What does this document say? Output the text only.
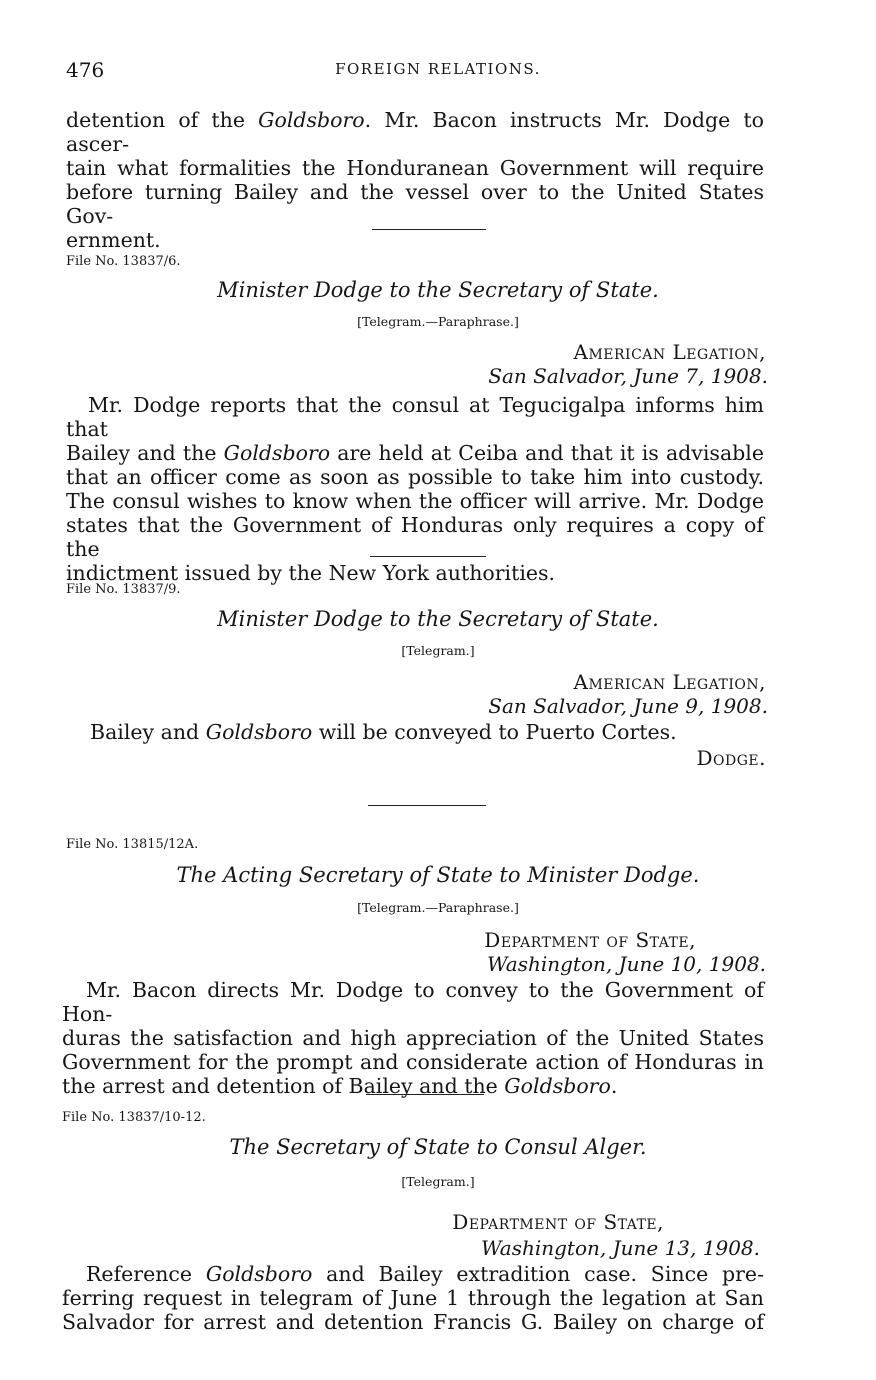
476	FOREIGN RELATIONS.

detention of the Goldsboro. Mr. Bacon instructs Mr. Dodge to ascer-

tain what formalities the Honduranean Government will require

before turning Bailey and the vessel over to the United States Gov-

ernment.

File No. 13837/6.
Minister Dodge to the Secretary of State.
[Telegram.—Paraphrase.]
American Legation,
San Salvador, June 7, 1908.

Mr. Dodge reports that the consul at Tegucigalpa informs him that

Bailey and the Goldsboro are held at Ceiba and that it is advisable

that an officer come as soon as possible to take him into custody.

The consul wishes to know when the officer will arrive. Mr. Dodge

states that the Government of Honduras only requires a copy of the

indictment issued by the New York authorities.

File No. 13837/9.
Minister Dodge to the Secretary of State.
[Telegram.]
American Legation,
San Salvador, June 9, 1908.
Bailey and Goldsboro will be conveyed to Puerto Cortes.
Dodge.
File No. 13815/12A.
The Acting Secretary of State to Minister Dodge.
[Telegram.—Paraphrase.]
Department of State,
Washington, June 10, 1908.

Mr. Bacon directs Mr. Dodge to convey to the Government of Hon-

duras the satisfaction and high appreciation of the United States

Government for the prompt and considerate action of Honduras in

the arrest and detention of Bailey and the Goldsboro.

File No. 13837/10-12.
The Secretary of State to Consul Alger.
[Telegram.]
Department of State,
Washington, June 13, 1908.

Reference Goldsboro and Bailey extradition case. Since pre-

ferring request in telegram of June 1 through the legation at San

Salvador for arrest and detention Francis G. Bailey on charge of
